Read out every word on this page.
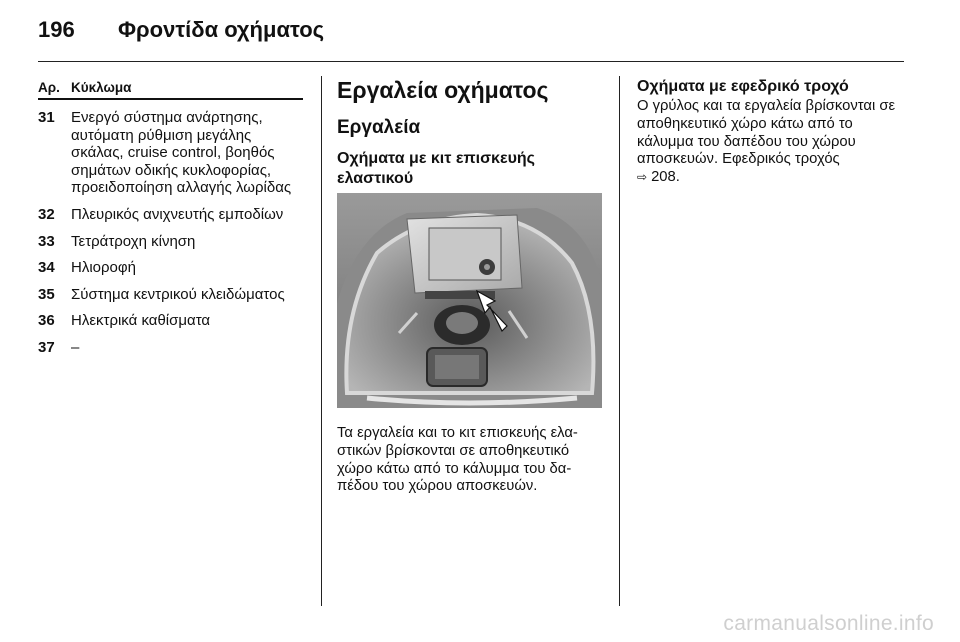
196 Φροντίδα οχήματος
Αρ. Κύκλωμα
31	Ενεργό σύστημα ανάρτησης, αυτόματη ρύθμιση μεγάλης σκάλας, cruise control, βοηθός σημάτων οδικής κυκλοφορίας, προειδοποίηση αλλαγής λωρίδας
32	Πλευρικός ανιχνευτής εμποδίων
33	Τετράτροχη κίνηση
34	Ηλιοροφή
35	Σύστημα κεντρικού κλειδώματος
36	Ηλεκτρικά καθίσματα
37	–
Εργαλεία οχήματος
Εργαλεία
Οχήματα με κιτ επισκευής ελαστικού
Τα εργαλεία και το κιτ επισκευής ελα-στικών βρίσκονται σε αποθηκευτικό χώρο κάτω από το κάλυμμα του δα-πέδου του χώρου αποσκευών.
Οχήματα με εφεδρικό τροχό
Ο γρύλος και τα εργαλεία βρίσκονται σε αποθηκευτικό χώρο κάτω από το κάλυμμα του δαπέδου του χώρου αποσκευών. Εφεδρικός τροχός
⇨ 208.
carmanualsonline.info
